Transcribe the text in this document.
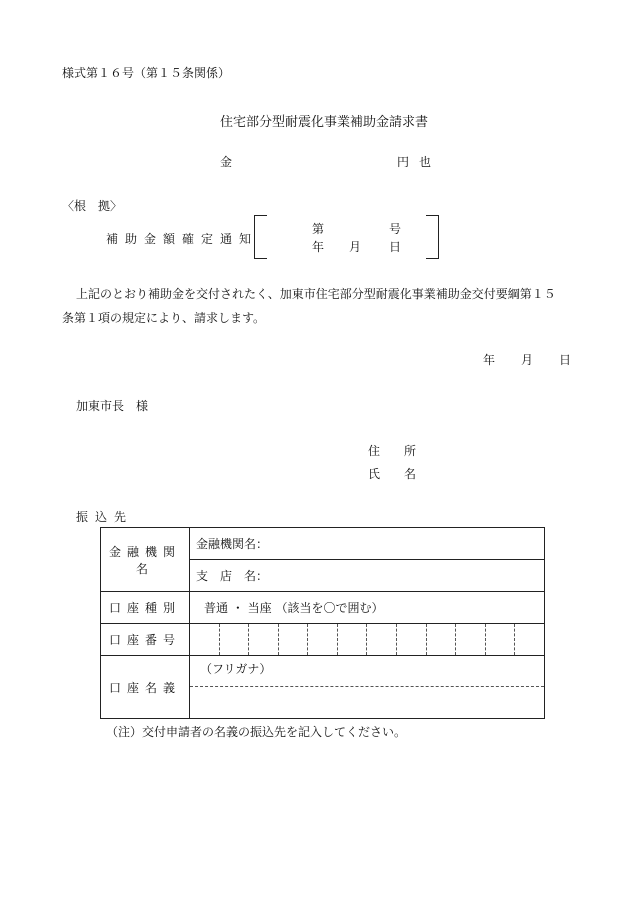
様式第１６号（第１５条関係）
住宅部分型耐震化事業補助金請求書
金	円也
〈根　拠〉
補助金額確定通知
第	号
年 月 日
上記のとおり補助金を交付されたく、加東市住宅部分型耐震化事業補助金交付要綱第１５
条第１項の規定により、請求します。
年 月 日
加東市長　様
住　　所
氏　　名
振込先
金融機関名	金融機関名：
	支　店　名：
口座種別	普通 ・ 当座 （該当を〇で囲む）
口座番号	

口座名義	（フリガナ）
（注）交付申請者の名義の振込先を記入してください。
